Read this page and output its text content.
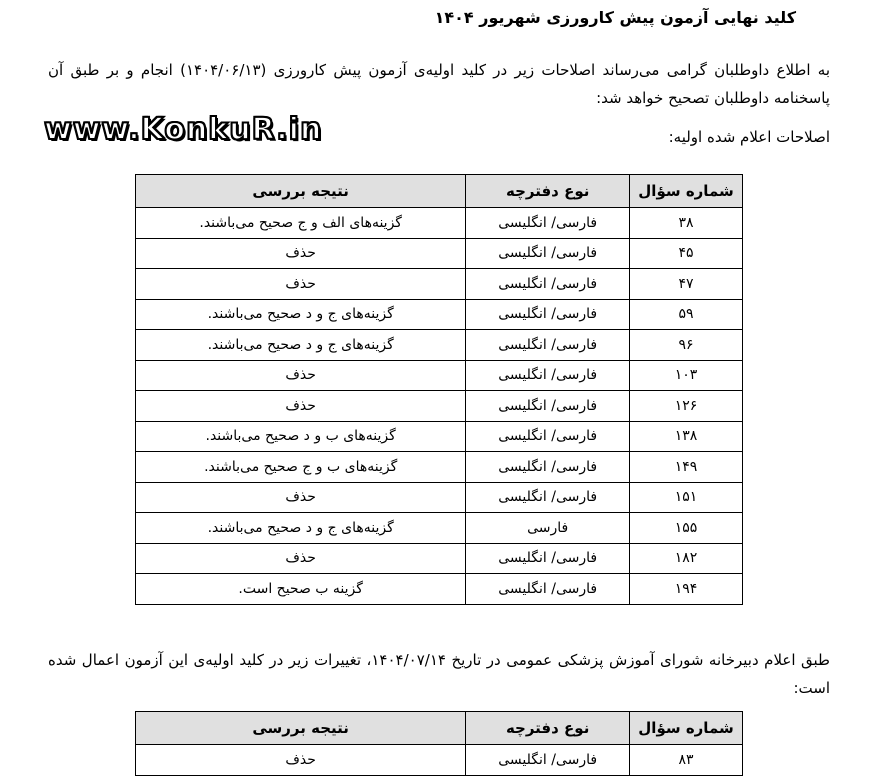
کلید نهایی آزمون پیش کارورزی شهریور ۱۴۰۴

به اطلاع داوطلبان گرامی می‌رساند اصلاحات زیر در کلید اولیه‌ی آزمون پیش کارورزی (۱۴۰۴/۰۶/۱۳) انجام و بر طبق آن پاسخنامه داوطلبان تصحیح خواهد شد:

www.KonkuR.in	اصلاحات اعلام شده اولیه:
شماره سؤال	نوع دفترچه	نتیجه بررسی
۳۸	فارسی/ انگلیسی	گزینه‌های الف و ج صحیح می‌باشند.
۴۵	فارسی/ انگلیسی	حذف
۴۷	فارسی/ انگلیسی	حذف
۵۹	فارسی/ انگلیسی	گزینه‌های ج و د صحیح می‌باشند.
۹۶	فارسی/ انگلیسی	گزینه‌های ج و د صحیح می‌باشند.
۱۰۳	فارسی/ انگلیسی	حذف
۱۲۶	فارسی/ انگلیسی	حذف
۱۳۸	فارسی/ انگلیسی	گزینه‌های ب و د صحیح می‌باشند.
۱۴۹	فارسی/ انگلیسی	گزینه‌های ب و ج صحیح می‌باشند.
۱۵۱	فارسی/ انگلیسی	حذف
۱۵۵	فارسی	گزینه‌های ج و د صحیح می‌باشند.
۱۸۲	فارسی/ انگلیسی	حذف
۱۹۴	فارسی/ انگلیسی	گزینه ب صحیح است.

طبق اعلام دبیرخانه شورای آموزش پزشکی عمومی در تاریخ ۱۴۰۴/۰۷/۱۴، تغییرات زیر در کلید اولیه‌ی این آزمون اعمال شده است:

شماره سؤال	نوع دفترچه	نتیجه بررسی
۸۳	فارسی/ انگلیسی	حذف
